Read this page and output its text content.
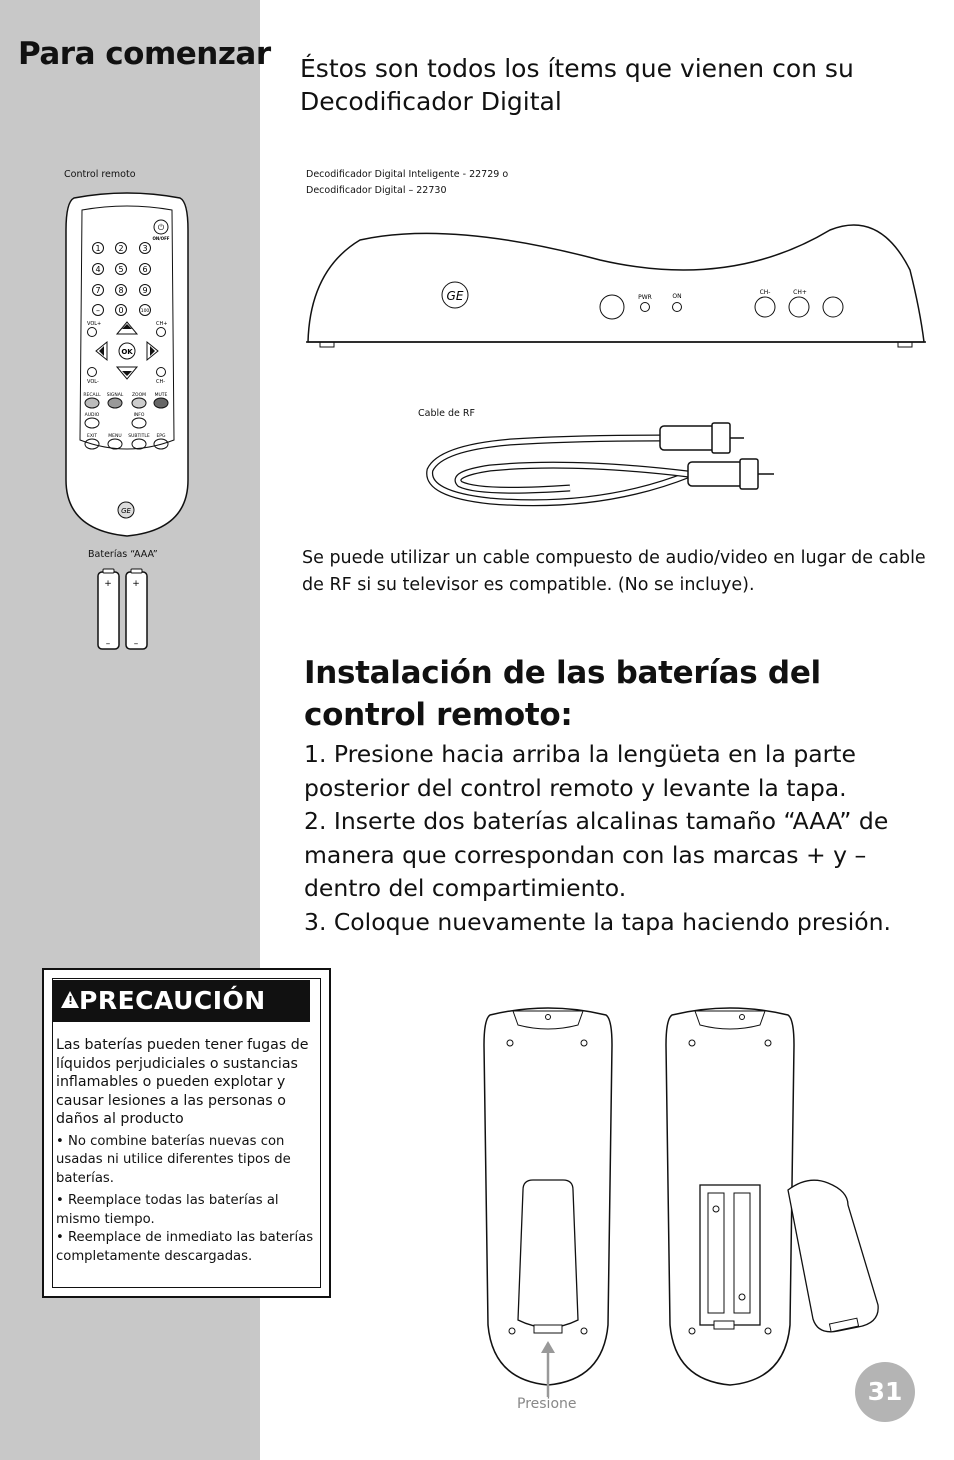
Para comenzar Éstos son todos los ítems que vienen con su Decodificador Digital
Control remoto
⏻
ON/OFF
1 2 3
4 5 6
7 8 9
– 0	100
VOL+	CH+
OK
VOL-	CH-
RECALL SIGNAL ZOOM MUTE
AUDIO	INFO
EXIT	MENU SUBTITLE EPG
GE
Baterías “AAA”
+ +
–	–
Decodificador Digital Inteligente - 22729 o
Decodificador Digital – 22730
GE	PWR	ON
CH-	CH+
Cable de RF
Se puede utilizar un cable compuesto de audio/video en lugar de cable de RF si su televisor es compatible. (No se incluye).
Instalación de las baterías del
control remoto:

1. Presione hacia arriba la lengüeta en la parte posterior del control remoto y levante la tapa.

2. Inserte dos baterías alcalinas tamaño “AAA” de manera que correspondan con las marcas + y – dentro del compartimiento.

3. Coloque nuevamente la tapa haciendo presión.

! PRECAUCIÓN
Las baterías pueden tener fugas de líquidos perjudiciales o sustancias inflamables o pueden explotar y causar lesiones a las personas o daños al producto
• No combine baterías nuevas con usadas ni utilice diferentes tipos de baterías.
• Reemplace todas las baterías al mismo tiempo.
• Reemplace de inmediato las baterías completamente descargadas.
Presione	31
